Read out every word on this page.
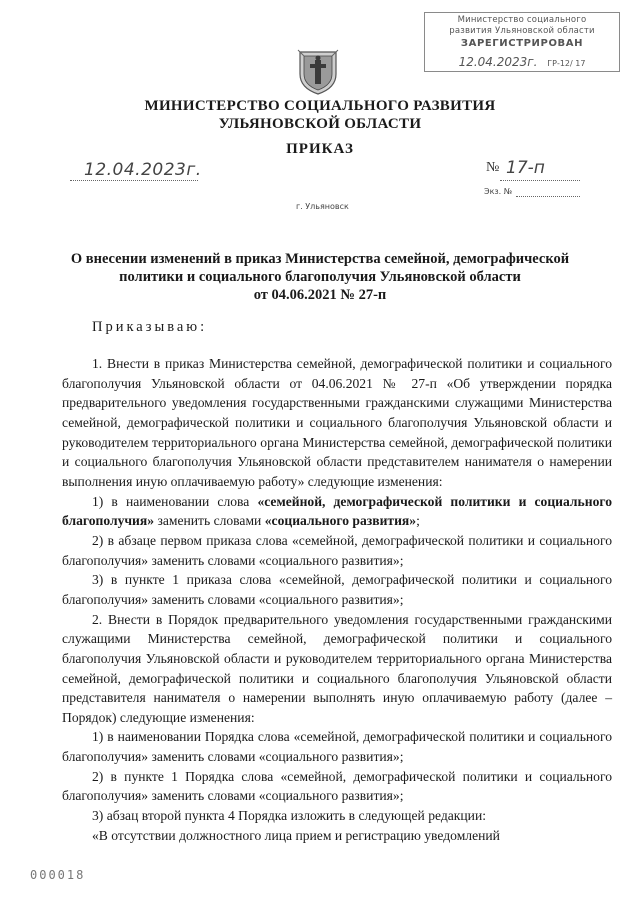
Министерство социального
развития Ульяновской области
ЗАРЕГИСТРИРОВАН
12.04.2023г. ГР-12/ 17
МИНИСТЕРСТВО СОЦИАЛЬНОГО РАЗВИТИЯ
УЛЬЯНОВСКОЙ ОБЛАСТИ
ПРИКАЗ
12.04.2023г.	№ 17-п
Экз. №
г. Ульяновск
О внесении изменений в приказ Министерства семейной, демографической
политики и социального благополучия Ульяновской области
от 04.06.2021 № 27-п
Приказываю:

1. Внести в приказ Министерства семейной, демографической политики и социального благополучия Ульяновской области от 04.06.2021 № 27-п «Об утверждении порядка предварительного уведомления государственными гражданскими служащими Министерства семейной, демографической политики и социального благополучия Ульяновской области и руководителем территориального органа Министерства семейной, демографической политики и социального благополучия Ульяновской области представителем нанимателя о намерении выполнения иную оплачиваемую работу» следующие изменения:

1) в наименовании слова «семейной, демографической политики и социального благополучия» заменить словами «социального развития»;

2) в абзаце первом приказа слова «семейной, демографической политики и социального благополучия» заменить словами «социального развития»;

3) в пункте 1 приказа слова «семейной, демографической политики и социального благополучия» заменить словами «социального развития»;

2. Внести в Порядок предварительного уведомления государственными гражданскими служащими Министерства семейной, демографической политики и социального благополучия Ульяновской области и руководителем территориального органа Министерства семейной, демографической политики и социального благополучия Ульяновской области представителя нанимателя о намерении выполнять иную оплачиваемую работу (далее – Порядок) следующие изменения:

1) в наименовании Порядка слова «семейной, демографической политики и социального благополучия» заменить словами «социального развития»;

2) в пункте 1 Порядка слова «семейной, демографической политики и социального благополучия» заменить словами «социального развития»;

3) абзац второй пункта 4 Порядка изложить в следующей редакции:

«В отсутствии должностного лица прием и регистрацию уведомлений

000018
